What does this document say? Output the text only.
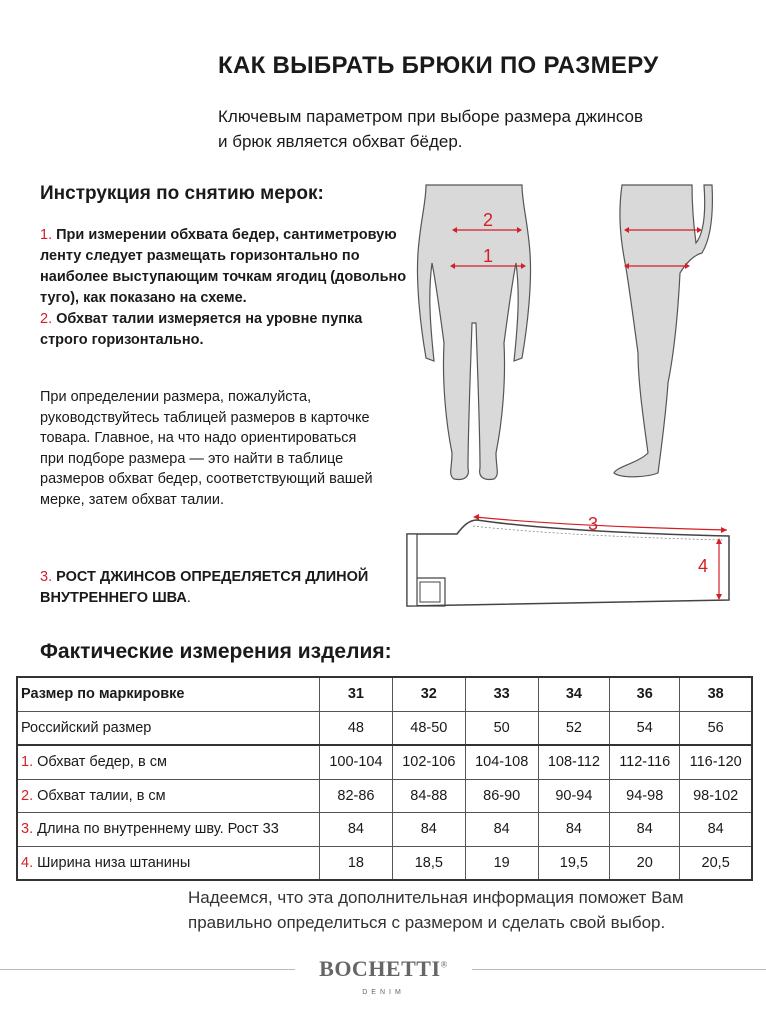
КАК ВЫБРАТЬ БРЮКИ ПО РАЗМЕРУ
Ключевым параметром при выборе размера джинсов и брюк является обхват бёдер.
Инструкция по снятию мерок:
1. При измерении обхвата бедер, сантиметровую ленту следует размещать горизонтально по наиболее выступающим точкам ягодиц (довольно туго), как показано на схеме.
2. Обхват талии измеряется на уровне пупка строго горизонтально.
При определении размера, пожалуйста, руководствуйтесь таблицей размеров в карточке товара. Главное, на что надо ориентироваться при подборе размера — это найти в таблице размеров обхват бедер, соответствующий вашей мерке, затем обхват талии.
3. РОСТ ДЖИНСОВ ОПРЕДЕЛЯЕТСЯ ДЛИНОЙ ВНУТРЕННЕГО ШВА.
2
1
3
4
Фактические измерения изделия:
Размер по маркировке	31	32	33	34	36	38
Российский размер	48	48-50	50	52	54	56
1. Обхват бедер, в см	100-104	102-106	104-108	108-112	112-116	116-120
2. Обхват талии, в см	82-86	84-88	86-90	90-94	94-98	98-102
3. Длина по внутреннему шву. Рост 33	84	84	84	84	84	84
4. Ширина низа штанины	18	18,5	19	19,5	20	20,5
Надеемся, что эта дополнительная информация поможет Вам правильно определиться с размером и сделать свой выбор.
BOCHETTI®
DENIM
